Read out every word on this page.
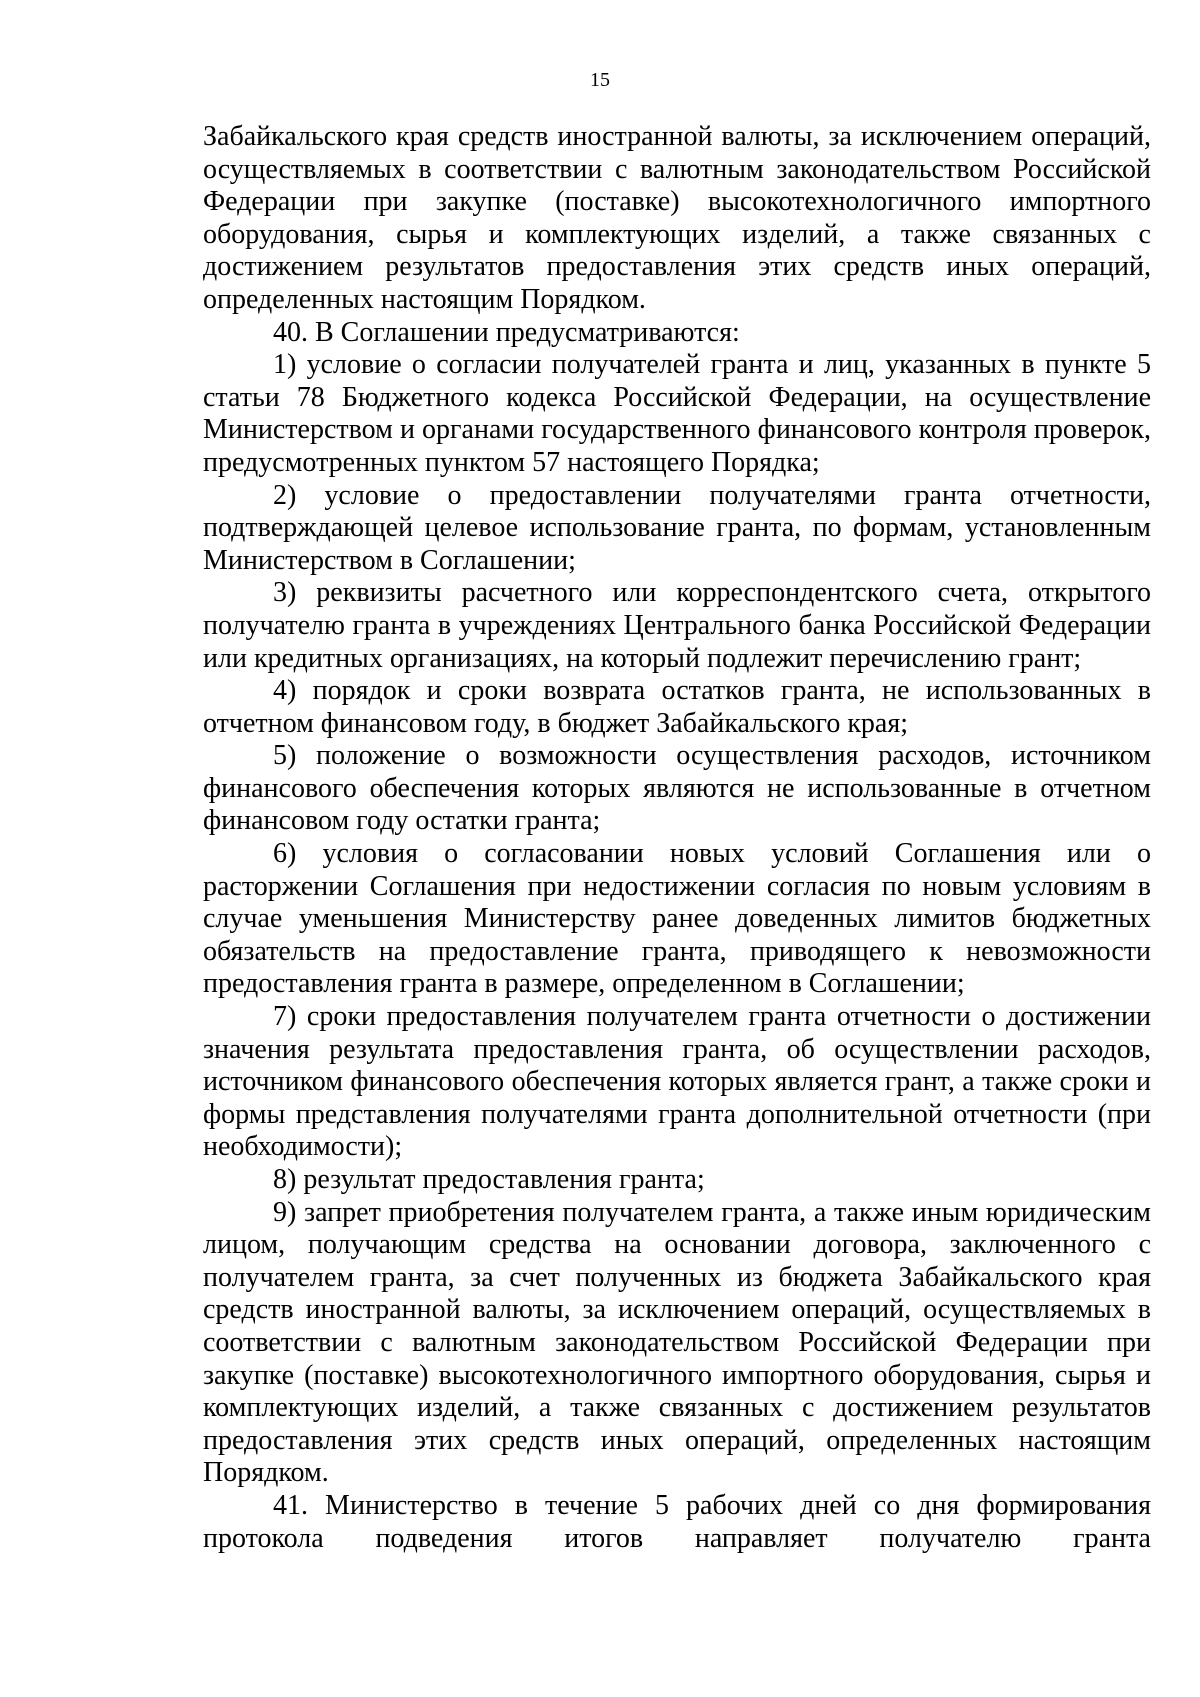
15

Забайкальского края средств иностранной валюты, за исключением операций, осуществляемых в соответствии с валютным законодательством Российской Федерации при закупке (поставке) высокотехнологичного импортного оборудования, сырья и комплектующих изделий, а также связанных с достижением результатов предоставления этих средств иных операций, определенных настоящим Порядком.

40. В Соглашении предусматриваются:

1) условие о согласии получателей гранта и лиц, указанных в пункте 5 статьи 78 Бюджетного кодекса Российской Федерации, на осуществление Министерством и органами государственного финансового контроля проверок, предусмотренных пунктом 57 настоящего Порядка;

2) условие о предоставлении получателями гранта отчетности, подтверждающей целевое использование гранта, по формам, установленным Министерством в Соглашении;

3) реквизиты расчетного или корреспондентского счета, открытого получателю гранта в учреждениях Центрального банка Российской Федерации или кредитных организациях, на который подлежит перечислению грант;

4) порядок и сроки возврата остатков гранта, не использованных в отчетном финансовом году, в бюджет Забайкальского края;

5) положение о возможности осуществления расходов, источником финансового обеспечения которых являются не использованные в отчетном финансовом году остатки гранта;

6) условия о согласовании новых условий Соглашения или о расторжении Соглашения при недостижении согласия по новым условиям в случае уменьшения Министерству ранее доведенных лимитов бюджетных обязательств на предоставление гранта, приводящего к невозможности предоставления гранта в размере, определенном в Соглашении;

7) сроки предоставления получателем гранта отчетности о достижении значения результата предоставления гранта, об осуществлении расходов, источником финансового обеспечения которых является грант, а также сроки и формы представления получателями гранта дополнительной отчетности (при необходимости);

8) результат предоставления гранта;

9) запрет приобретения получателем гранта, а также иным юридическим лицом, получающим средства на основании договора, заключенного с получателем гранта, за счет полученных из бюджета Забайкальского края средств иностранной валюты, за исключением операций, осуществляемых в соответствии с валютным законодательством Российской Федерации при закупке (поставке) высокотехнологичного импортного оборудования, сырья и комплектующих изделий, а также связанных с достижением результатов предоставления этих средств иных операций, определенных настоящим Порядком.

41. Министерство в течение 5 рабочих дней со дня формирования протокола подведения итогов направляет получателю гранта
